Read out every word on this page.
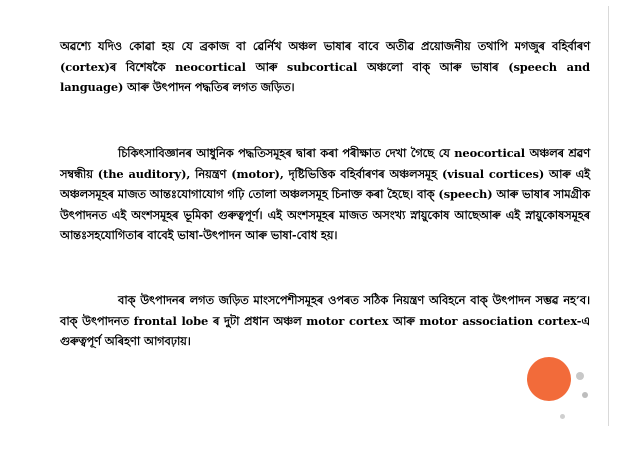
অৱশ্যে যদিও কোৱা হয় যে ব্ৰকাজ বা ৱেৰ্নিখ অঞ্চল ভাষাৰ বাবে অতীৱ প্ৰয়োজনীয় তথাপি মগজুৰ বহিৰ্বাৰণ (cortex)ৰ বিশেষকৈ neocortical আৰু subcortical অঞ্চলো বাক্ আৰু ভাষাৰ (speech and language) আৰু উৎপাদন পদ্ধতিৰ লগত জড়িত।

চিকিৎসাবিজ্ঞানৰ আধুনিক পদ্ধতিসমূহৰ দ্বাৰা কৰা পৰীক্ষাত দেখা গৈছে যে neocortical অঞ্চলৰ শ্ৰৱণ সম্বন্ধীয় (the auditory), নিয়ন্ত্ৰণ (motor), দৃষ্টিভিত্তিক বহিৰ্বাৰণৰ অঞ্চলসমূহ (visual cortices) আৰু এই অঞ্চলসমূহৰ মাজত আন্তঃযোগাযোগ গঢ়ি তোলা অঞ্চলসমূহ চিনাক্ত কৰা হৈছে। বাক্ (speech) আৰু ভাষাৰ সামগ্ৰীক উৎপাদনত এই অংশসমূহৰ ভূমিকা গুৰুত্বপূৰ্ণ। এই অংশসমূহৰ মাজত অসংখ্য স্নায়ুকোষ আছেআৰু এই স্নায়ুকোষসমূহৰ আন্তঃসহযোগিতাৰ বাবেই ভাষা-উৎপাদন আৰু ভাষা-বোধ হয়।

বাক্ উৎপাদনৰ লগত জড়িত মাংসপেশীসমূহৰ ওপৰত সঠিক নিয়ন্ত্ৰণ অবিহনে বাক্ উৎপাদন সম্ভৱ নহ’ব। বাক্ উৎপাদনত frontal lobe ৰ দুটা প্ৰধান অঞ্চল motor cortex আৰু motor association cortex-এ গুৰুত্বপূৰ্ণ অৰিহণা আগবঢ়ায়।
